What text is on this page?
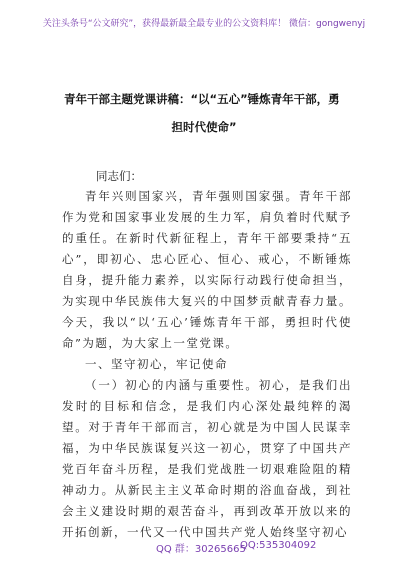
关注头条号“公文研究”，获得最新最全最专业的公文资料库！ 微信：gongwenyj
青年干部主题党课讲稿：“以“五心”锤炼青年干部，勇
担时代使命”
同志们：

青年兴则国家兴，青年强则国家强。青年干部作为党和国家事业发展的生力军，肩负着时代赋予的重任。在新时代新征程上，青年干部要秉持“五心”，即初心、忠心匠心、恒心、戒心，不断锤炼自身，提升能力素养，以实际行动践行使命担当，为实现中华民族伟大复兴的中国梦贡献青春力量。今天，我以“以‘五心’锤炼青年干部，勇担时代使命”为题，为大家上一堂党课。

一、坚守初心，牢记使命

（一）初心的内涵与重要性。初心，是我们出发时的目标和信念，是我们内心深处最纯粹的渴望。对于青年干部而言，初心就是为中国人民谋幸福，为中华民族谋复兴这一初心，贯穿了中国共产党百年奋斗历程，是我们党战胜一切艰难险阻的精神动力。从新民主主义革命时期的浴血奋战，到社会主义建设时期的艰苦奋斗，再到改革开放以来的开拓创新，一代又一代中国共产党人始终坚守初心

QQ 群：30265665
QQ:535304092
